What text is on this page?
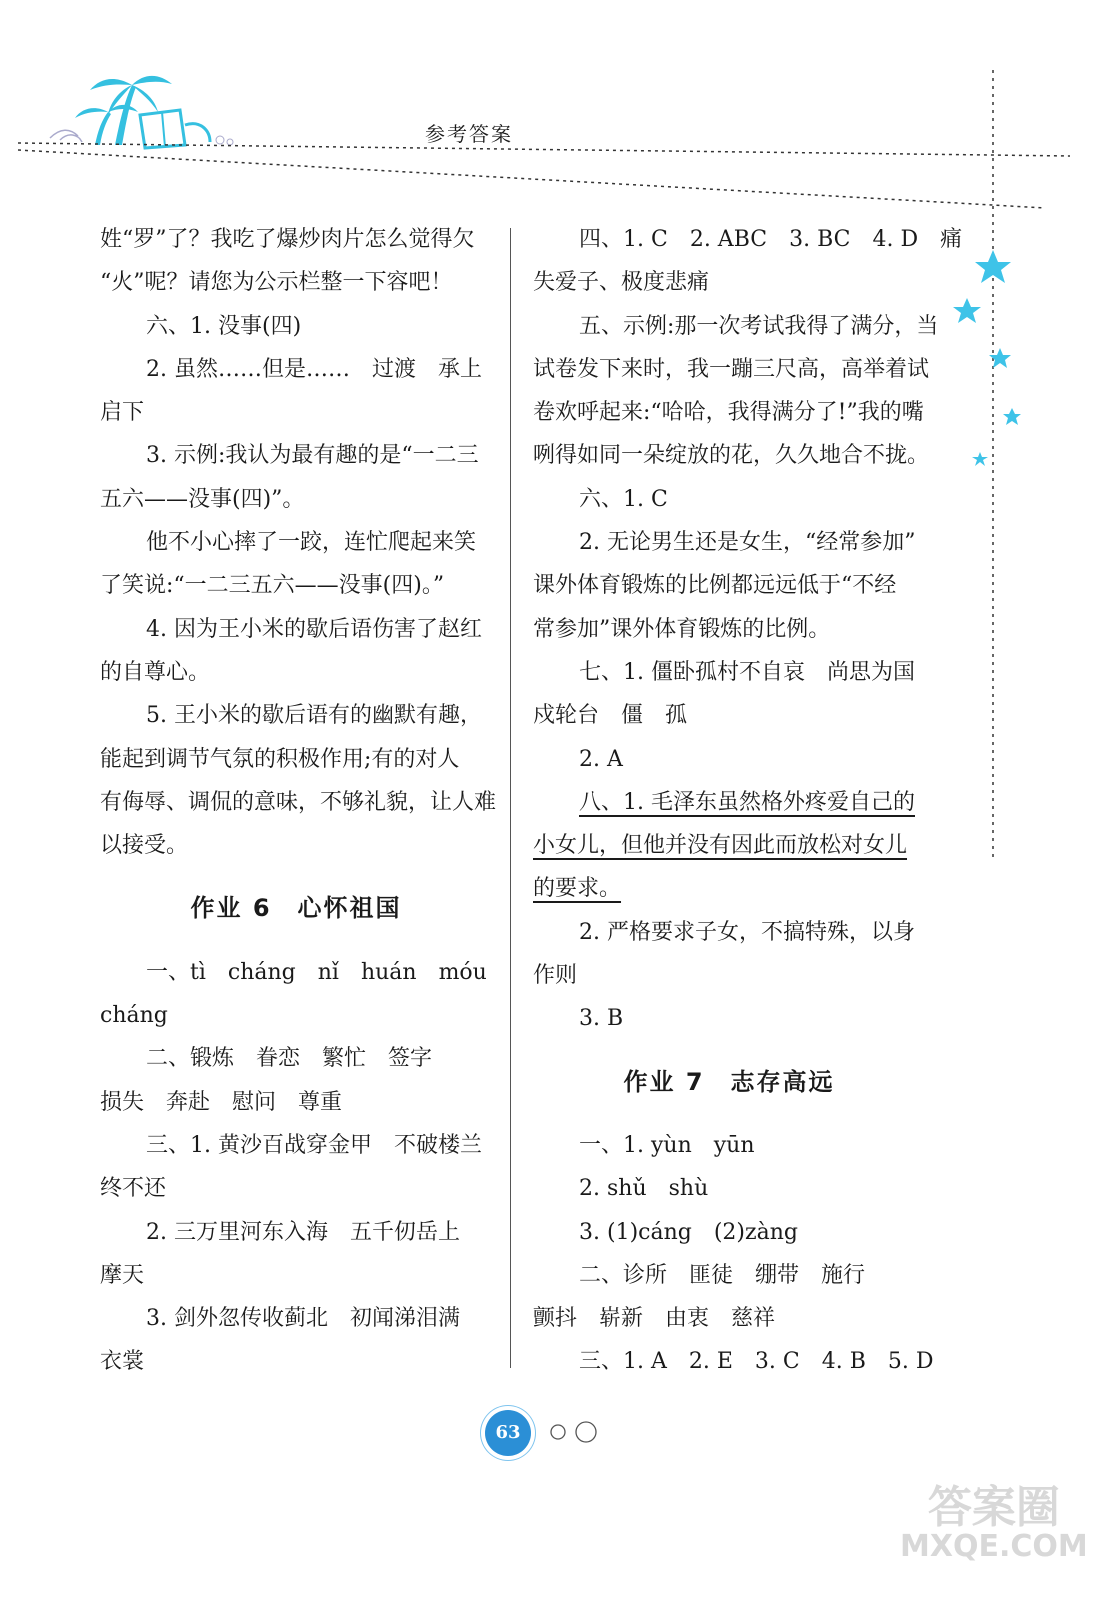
参考答案

姓“罗”了？我吃了爆炒肉片怎么觉得欠

“火”呢？请您为公示栏整一下容吧！

六、1. 没事(四)

2. 虽然……但是……　过渡　承上

启下

3. 示例:我认为最有趣的是“一二三

五六——没事(四)”。

他不小心摔了一跤，连忙爬起来笑

了笑说:“一二三五六——没事(四)。”

4. 因为王小米的歇后语伤害了赵红

的自尊心。

5. 王小米的歇后语有的幽默有趣，

能起到调节气氛的积极作用;有的对人

有侮辱、调侃的意味，不够礼貌，让人难

以接受。

作业 6　心怀祖国

一、tì　cháng　nǐ　huán　móu

cháng

二、锻炼　眷恋　繁忙　签字

损失　奔赴　慰问　尊重

三、1. 黄沙百战穿金甲　不破楼兰

终不还

2. 三万里河东入海　五千仞岳上

摩天

3. 剑外忽传收蓟北　初闻涕泪满

衣裳

四、1. C　2. ABC　3. BC　4. D　痛

失爱子、极度悲痛

五、示例:那一次考试我得了满分，当

试卷发下来时，我一蹦三尺高，高举着试

卷欢呼起来:“哈哈，我得满分了!”我的嘴

咧得如同一朵绽放的花，久久地合不拢。

六、1. C

2. 无论男生还是女生，“经常参加”

课外体育锻炼的比例都远远低于“不经

常参加”课外体育锻炼的比例。

七、1. 僵卧孤村不自哀　尚思为国

戍轮台　僵　孤

2. A

八、1. 毛泽东虽然格外疼爱自己的

小女儿，但他并没有因此而放松对女儿

的要求。

2. 严格要求子女，不搞特殊，以身

作则

3. B

作业 7　志存高远

一、1. yùn　yūn

2. shǔ　shù

3. (1)cáng　(2)zàng

二、诊所　匪徒　绷带　施行

颤抖　崭新　由衷　慈祥

三、1. A　2. E　3. C　4. B　5. D

63
答案圈
MXQE.COM
